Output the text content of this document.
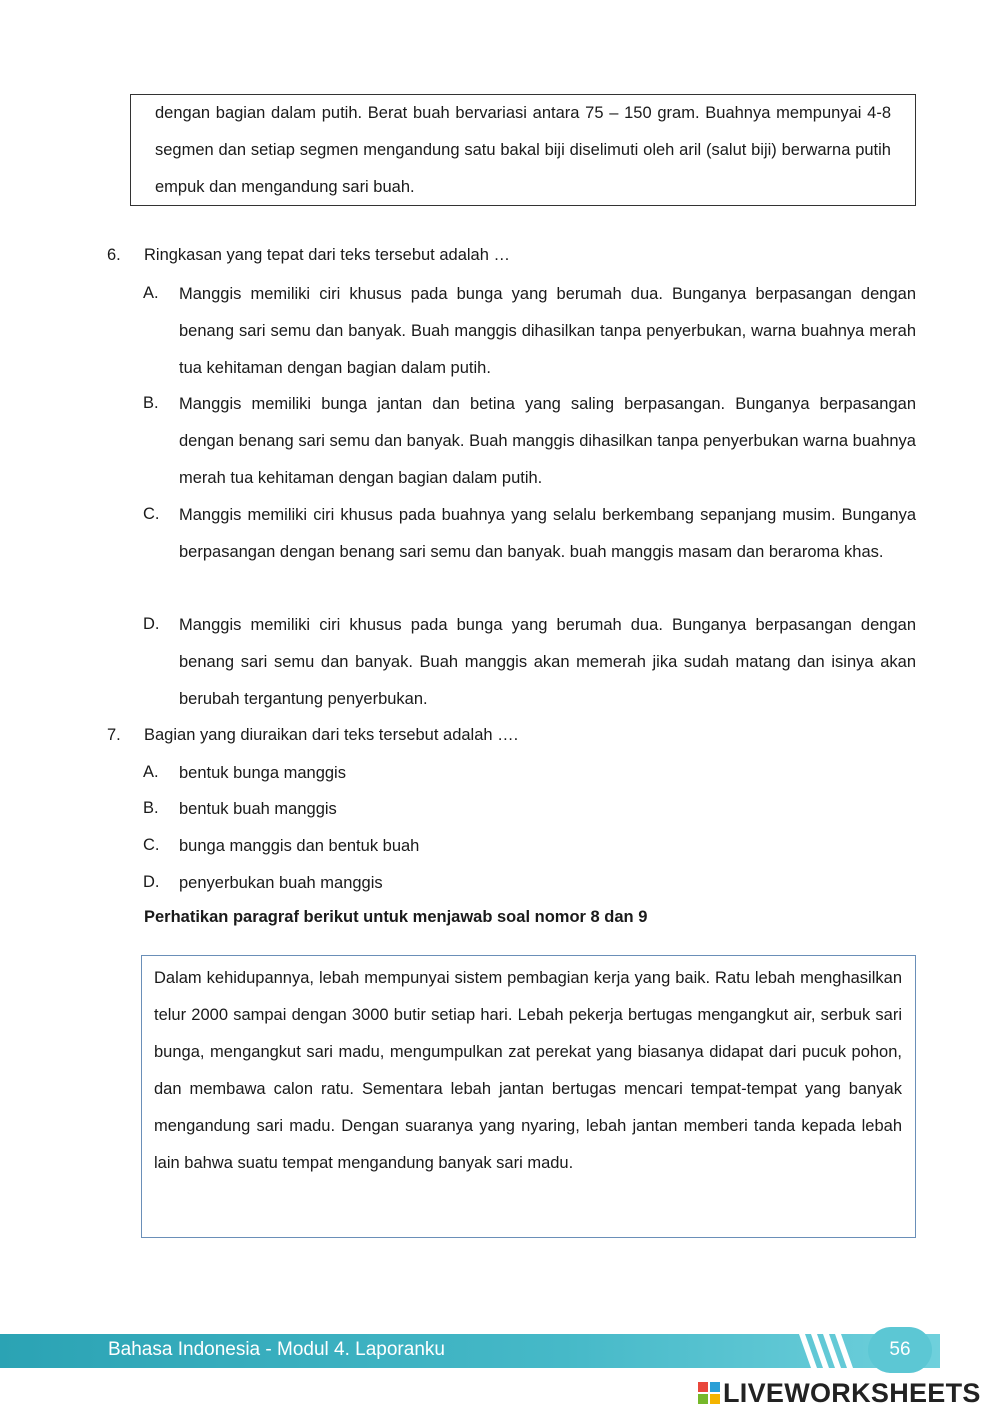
dengan bagian dalam putih. Berat buah bervariasi antara 75 – 150 gram. Buahnya mempunyai 4-8 segmen dan setiap segmen mengandung satu bakal biji diselimuti oleh aril (salut biji) berwarna putih empuk dan mengandung sari buah.

6. Ringkasan yang tepat dari teks tersebut adalah …
A. Manggis memiliki ciri khusus pada bunga yang berumah dua. Bunganya berpasangan dengan benang sari semu dan banyak. Buah manggis dihasilkan tanpa penyerbukan, warna buahnya merah tua kehitaman dengan bagian dalam putih.
B. Manggis memiliki bunga jantan dan betina yang saling berpasangan. Bunganya berpasangan dengan benang sari semu dan banyak. Buah manggis dihasilkan tanpa penyerbukan warna buahnya merah tua kehitaman dengan bagian dalam putih.
C. Manggis memiliki ciri khusus pada buahnya yang selalu berkembang sepanjang musim. Bunganya berpasangan dengan benang sari semu dan banyak. buah manggis masam dan beraroma khas.
D. Manggis memiliki ciri khusus pada bunga yang berumah dua. Bunganya berpasangan dengan benang sari semu dan banyak. Buah manggis akan memerah jika sudah matang dan isinya akan berubah tergantung penyerbukan.
7. Bagian yang diuraikan dari teks tersebut adalah ….
A. bentuk bunga manggis
B. bentuk buah manggis
C. bunga manggis dan bentuk buah
D. penyerbukan buah manggis
Perhatikan paragraf berikut untuk menjawab soal nomor 8 dan 9

Dalam kehidupannya, lebah mempunyai sistem pembagian kerja yang baik. Ratu lebah menghasilkan telur 2000 sampai dengan 3000 butir setiap hari. Lebah pekerja bertugas mengangkut air, serbuk sari bunga, mengangkut sari madu, mengumpulkan zat perekat yang biasanya didapat dari pucuk pohon, dan membawa calon ratu. Sementara lebah jantan bertugas mencari tempat-tempat yang banyak mengandung sari madu. Dengan suaranya yang nyaring, lebah jantan memberi tanda kepada lebah lain bahwa suatu tempat mengandung banyak sari madu.

Bahasa Indonesia - Modul 4. Laporanku	56
LIVEWORKSHEETS
